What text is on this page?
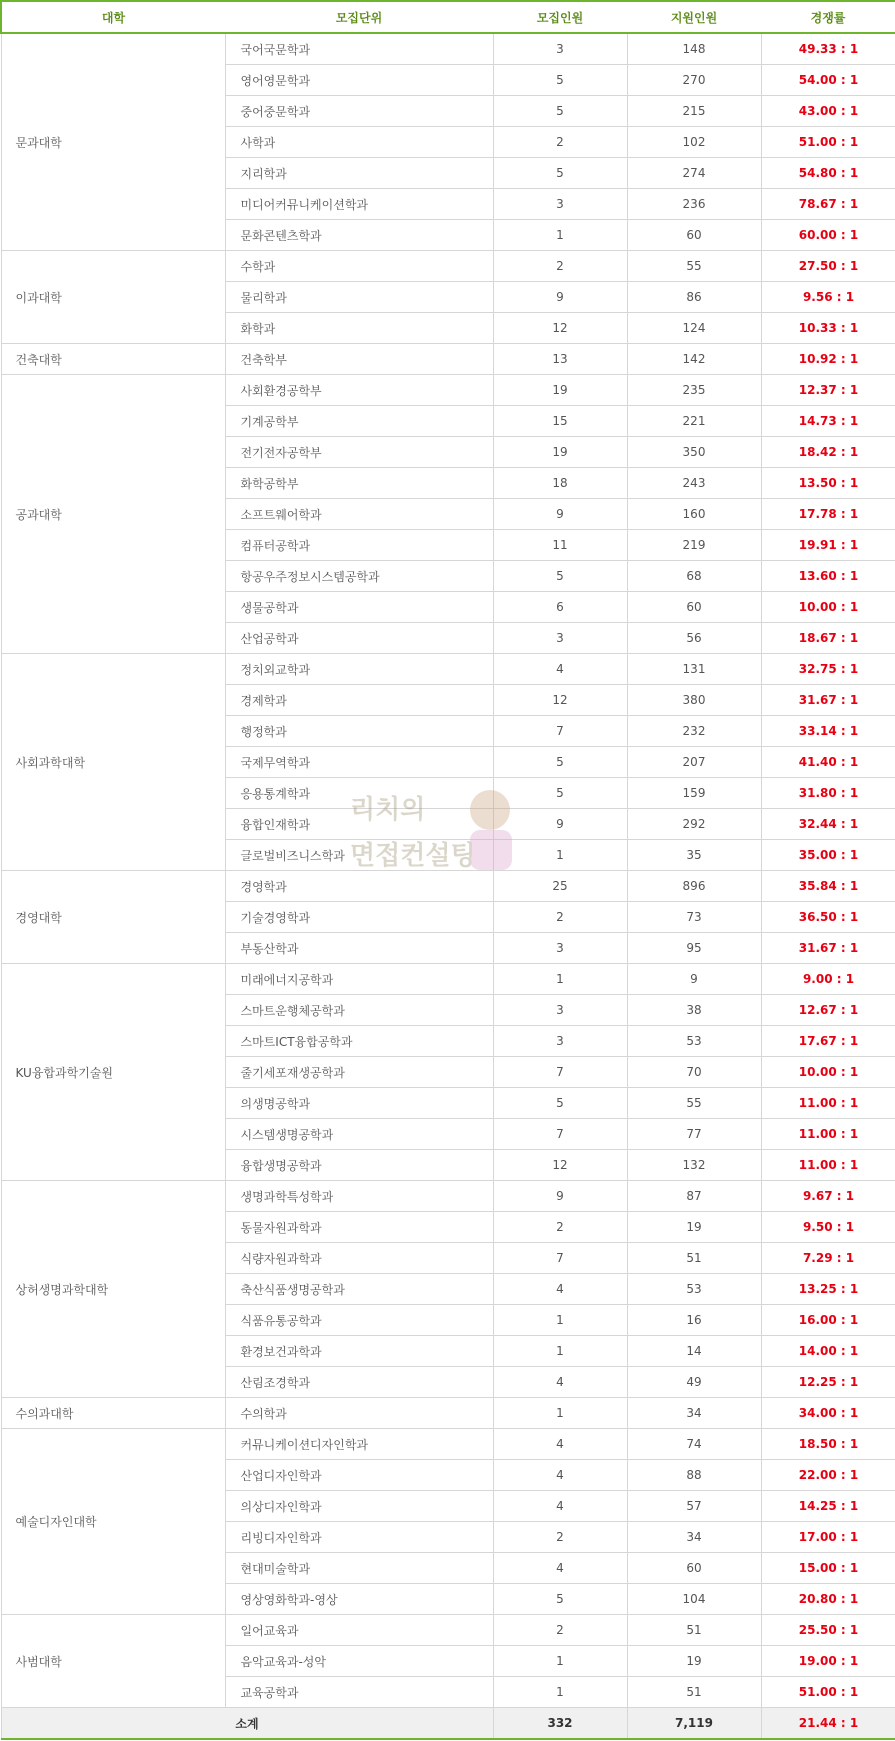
대학	모집단위	모집인원	지원인원	경쟁률
문과대학	국어국문학과	3	148	49.33 : 1
	영어영문학과	5	270	54.00 : 1
	중어중문학과	5	215	43.00 : 1
	사학과	2	102	51.00 : 1
	지리학과	5	274	54.80 : 1
	미디어커뮤니케이션학과	3	236	78.67 : 1
	문화콘텐츠학과	1	60	60.00 : 1
이과대학	수학과	2	55	27.50 : 1
	물리학과	9	86	9.56 : 1
	화학과	12	124	10.33 : 1
건축대학	건축학부	13	142	10.92 : 1
공과대학	사회환경공학부	19	235	12.37 : 1
	기계공학부	15	221	14.73 : 1
	전기전자공학부	19	350	18.42 : 1
	화학공학부	18	243	13.50 : 1
	소프트웨어학과	9	160	17.78 : 1
	컴퓨터공학과	11	219	19.91 : 1
	항공우주정보시스템공학과	5	68	13.60 : 1
	생물공학과	6	60	10.00 : 1
	산업공학과	3	56	18.67 : 1
사회과학대학	정치외교학과	4	131	32.75 : 1
	경제학과	12	380	31.67 : 1
	행정학과	7	232	33.14 : 1
	국제무역학과	5	207	41.40 : 1
	응용통계학과	5	159	31.80 : 1
	융합인재학과	9	292	32.44 : 1
	글로벌비즈니스학과	1	35	35.00 : 1
경영대학	경영학과	25	896	35.84 : 1
	기술경영학과	2	73	36.50 : 1
	부동산학과	3	95	31.67 : 1
KU융합과학기술원	미래에너지공학과	1	9	9.00 : 1
	스마트운행체공학과	3	38	12.67 : 1
	스마트ICT융합공학과	3	53	17.67 : 1
	줄기세포재생공학과	7	70	10.00 : 1
	의생명공학과	5	55	11.00 : 1
	시스템생명공학과	7	77	11.00 : 1
	융합생명공학과	12	132	11.00 : 1
상허생명과학대학	생명과학특성학과	9	87	9.67 : 1
	동물자원과학과	2	19	9.50 : 1
	식량자원과학과	7	51	7.29 : 1
	축산식품생명공학과	4	53	13.25 : 1
	식품유통공학과	1	16	16.00 : 1
	환경보건과학과	1	14	14.00 : 1
	산림조경학과	4	49	12.25 : 1
수의과대학	수의학과	1	34	34.00 : 1
예술디자인대학	커뮤니케이션디자인학과	4	74	18.50 : 1
	산업디자인학과	4	88	22.00 : 1
	의상디자인학과	4	57	14.25 : 1
	리빙디자인학과	2	34	17.00 : 1
	현대미술학과	4	60	15.00 : 1
	영상영화학과-영상	5	104	20.80 : 1
사범대학	일어교육과	2	51	25.50 : 1
	음악교육과-성악	1	19	19.00 : 1
	교육공학과	1	51	51.00 : 1
소계		332	7,119	21.44 : 1
리치의
면접컨설팅
